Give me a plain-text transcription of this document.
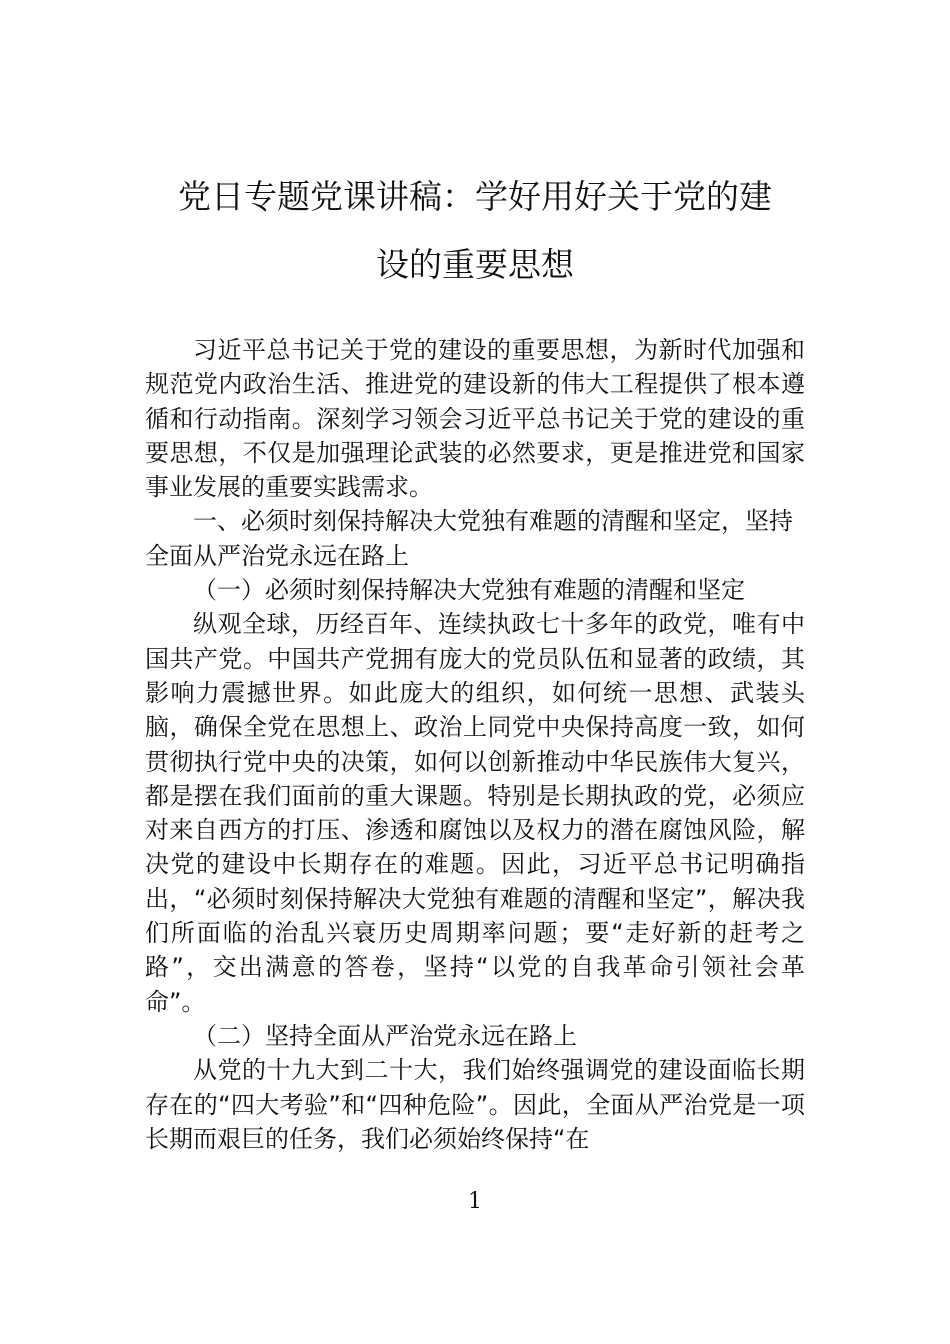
党日专题党课讲稿：学好用好关于党的建
设的重要思想

习近平总书记关于党的建设的重要思想，为新时代加强和规范党内政治生活、推进党的建设新的伟大工程提供了根本遵循和行动指南。深刻学习领会习近平总书记关于党的建设的重要思想，不仅是加强理论武装的必然要求，更是推进党和国家事业发展的重要实践需求。

一、必须时刻保持解决大党独有难题的清醒和坚定，坚持全面从严治党永远在路上

（一）必须时刻保持解决大党独有难题的清醒和坚定

纵观全球，历经百年、连续执政七十多年的政党，唯有中国共产党。中国共产党拥有庞大的党员队伍和显著的政绩，其影响力震撼世界。如此庞大的组织，如何统一思想、武装头脑，确保全党在思想上、政治上同党中央保持高度一致，如何贯彻执行党中央的决策，如何以创新推动中华民族伟大复兴，都是摆在我们面前的重大课题。特别是长期执政的党，必须应对来自西方的打压、渗透和腐蚀以及权力的潜在腐蚀风险，解决党的建设中长期存在的难题。因此，习近平总书记明确指出，“必须时刻保持解决大党独有难题的清醒和坚定”，解决我们所面临的治乱兴衰历史周期率问题；要“走好新的赶考之路”，交出满意的答卷，坚持“以党的自我革命引领社会革命”。

（二）坚持全面从严治党永远在路上

从党的十九大到二十大，我们始终强调党的建设面临长期存在的“四大考验”和“四种危险”。因此，全面从严治党是一项长期而艰巨的任务，我们必须始终保持“在

1
